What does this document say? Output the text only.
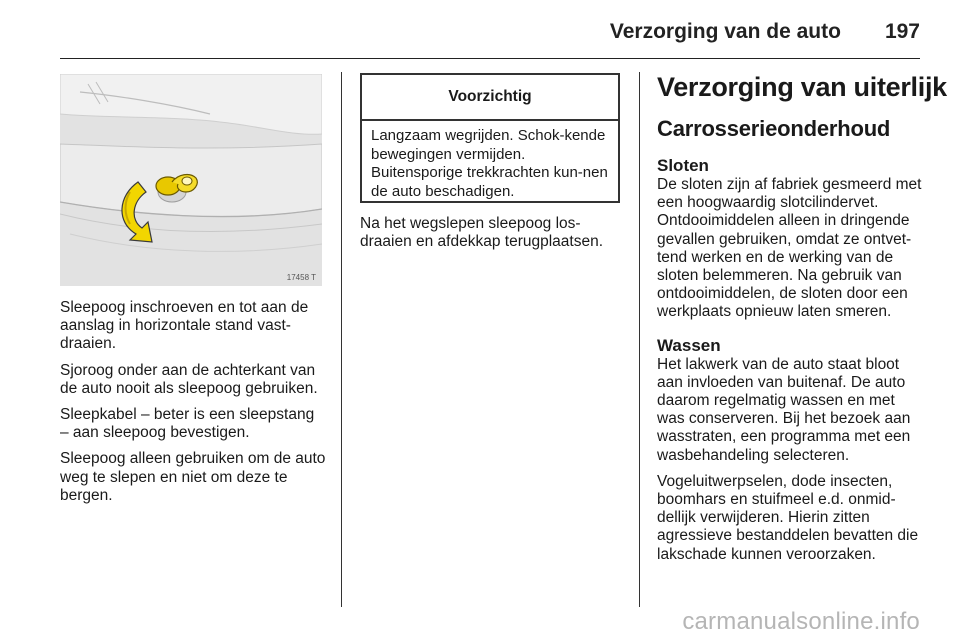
Verzorging van de auto 197
17458 T

Sleepoog inschroeven en tot aan de aanslag in horizontale stand vast-draaien.

Sjoroog onder aan de achterkant van de auto nooit als sleepoog gebruiken.

Sleepkabel – beter is een sleepstang – aan sleepoog bevestigen.

Sleepoog alleen gebruiken om de auto weg te slepen en niet om deze te bergen.

Voorzichtig
Langzaam wegrijden. Schok-kende bewegingen vermijden. Buitensporige trekkrachten kun-nen de auto beschadigen.

Na het wegslepen sleepoog los-draaien en afdekkap terugplaatsen.

Verzorging van uiterlijk
Carrosserieonderhoud
Sloten

De sloten zijn af fabriek gesmeerd met een hoogwaardig slotcilindervet. Ontdooimiddelen alleen in dringende gevallen gebruiken, omdat ze ontvet-tend werken en de werking van de sloten belemmeren. Na gebruik van ontdooimiddelen, de sloten door een werkplaats opnieuw laten smeren.

Wassen

Het lakwerk van de auto staat bloot aan invloeden van buitenaf. De auto daarom regelmatig wassen en met was conserveren. Bij het bezoek aan wasstraten, een programma met een wasbehandeling selecteren.

Vogeluitwerpselen, dode insecten, boomhars en stuifmeel e.d. onmid-dellijk verwijderen. Hierin zitten agressieve bestanddelen bevatten die lakschade kunnen veroorzaken.

carmanualsonline.info
